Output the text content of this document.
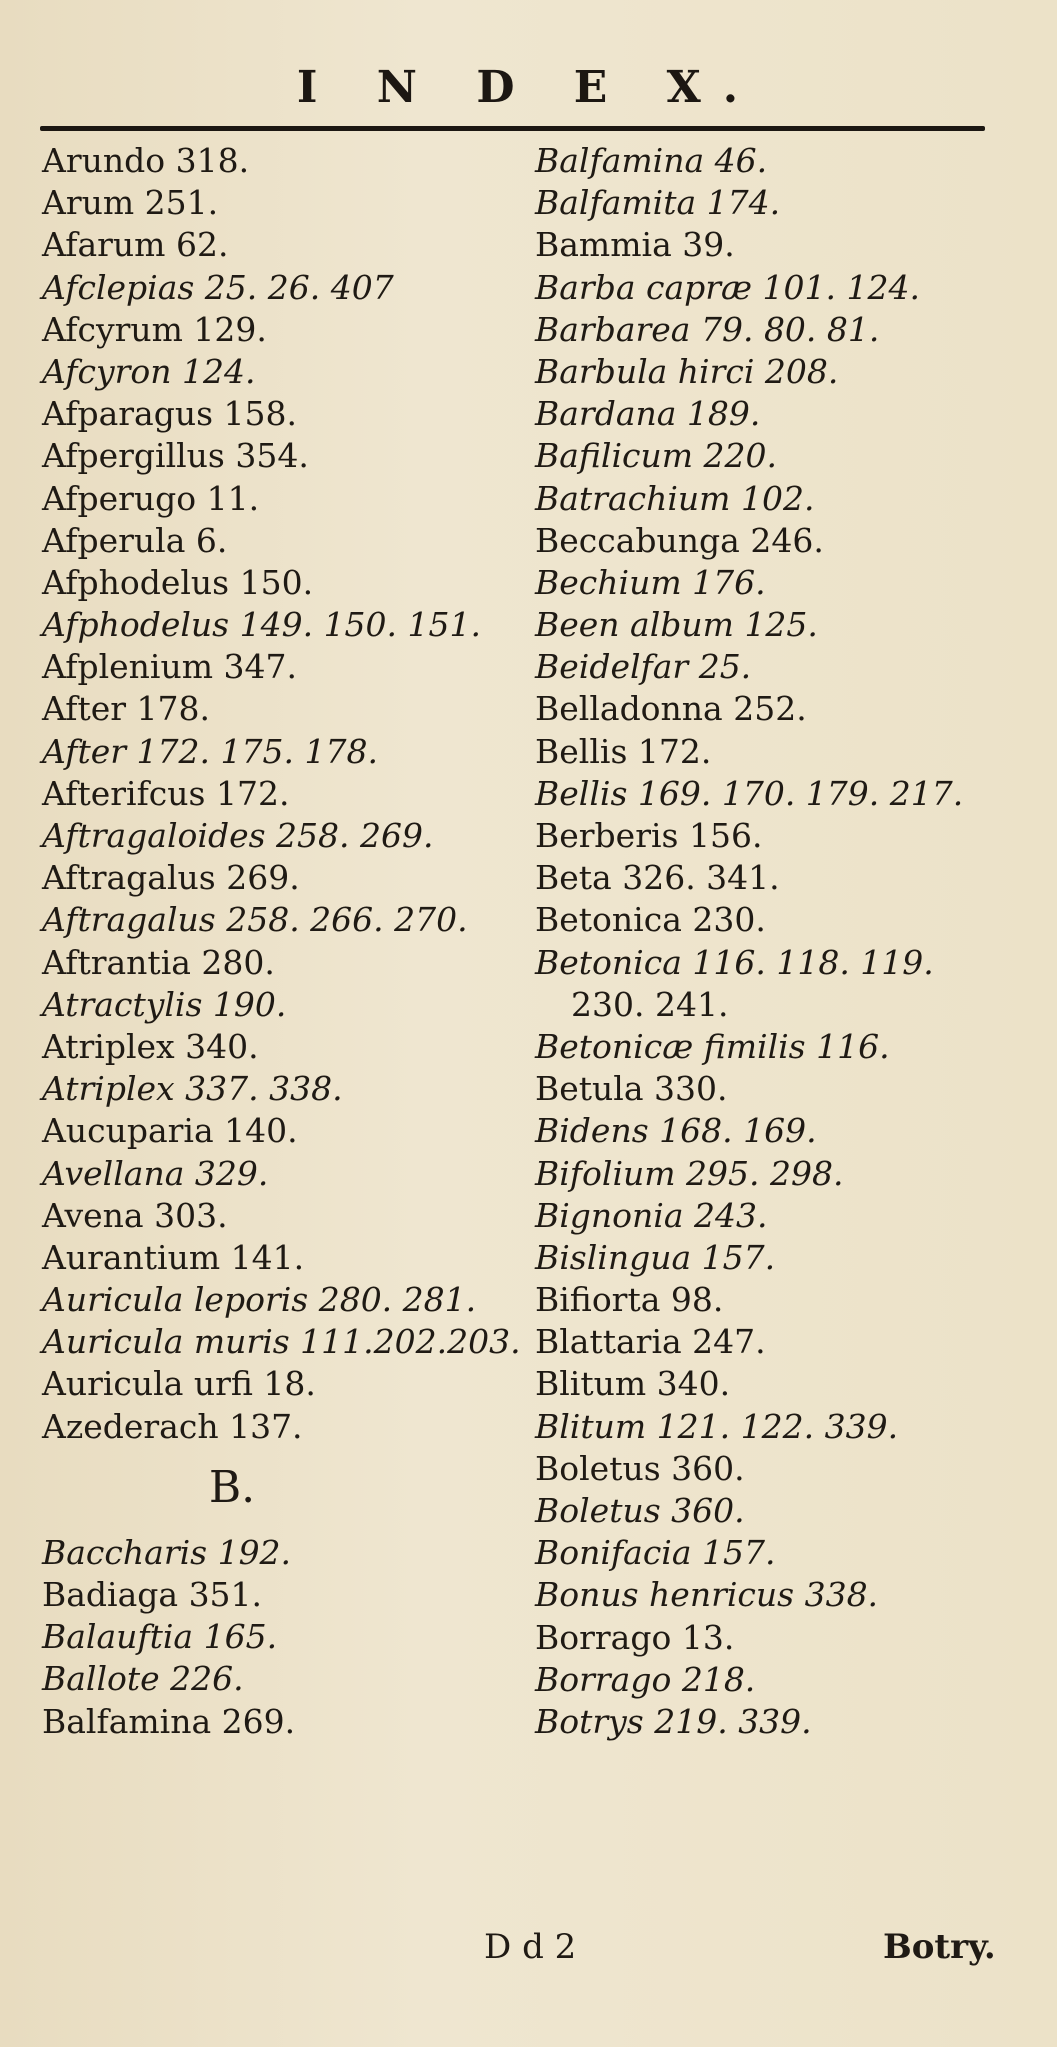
I N D E X.
Arundo 318.
Arum 251.
Afarum 62.
Afclepias 25. 26. 407
Afcyrum 129.
Afcyron 124.
Afparagus 158.
Afpergillus 354.
Afperugo 11.
Afperula 6.
Afphodelus 150.
Afphodelus 149. 150. 151.
Afplenium 347.
After 178.
After 172. 175. 178.
Afterifcus 172.
Aftragaloides 258. 269.
Aftragalus 269.
Aftragalus 258. 266. 270.
Aftrantia 280.
Atractylis 190.
Atriplex 340.
Atriplex 337. 338.
Aucuparia 140.
Avellana 329.
Avena 303.
Aurantium 141.
Auricula leporis 280. 281.
Auricula muris 111.202.203.
Auricula urfi 18.
Azederach 137.
B.
Baccharis 192.
Badiaga 351.
Balauftia 165.
Ballote 226.
Balfamina 269.
Balfamina 46.
Balfamita 174.
Bammia 39.
Barba capræ 101. 124.
Barbarea 79. 80. 81.
Barbula hirci 208.
Bardana 189.
Bafilicum 220.
Batrachium 102.
Beccabunga 246.
Bechium 176.
Been album 125.
Beidelfar 25.
Belladonna 252.
Bellis 172.
Bellis 169. 170. 179. 217.
Berberis 156.
Beta 326. 341.
Betonica 230.
Betonica 116. 118. 119.
230. 241.
Betonicæ fimilis 116.
Betula 330.
Bidens 168. 169.
Bifolium 295. 298.
Bignonia 243.
Bislingua 157.
Bifiorta 98.
Blattaria 247.
Blitum 340.
Blitum 121. 122. 339.
Boletus 360.
Boletus 360.
Bonifacia 157.
Bonus henricus 338.
Borrago 13.
Borrago 218.
Botrys 219. 339.
D d 2	Botry.
